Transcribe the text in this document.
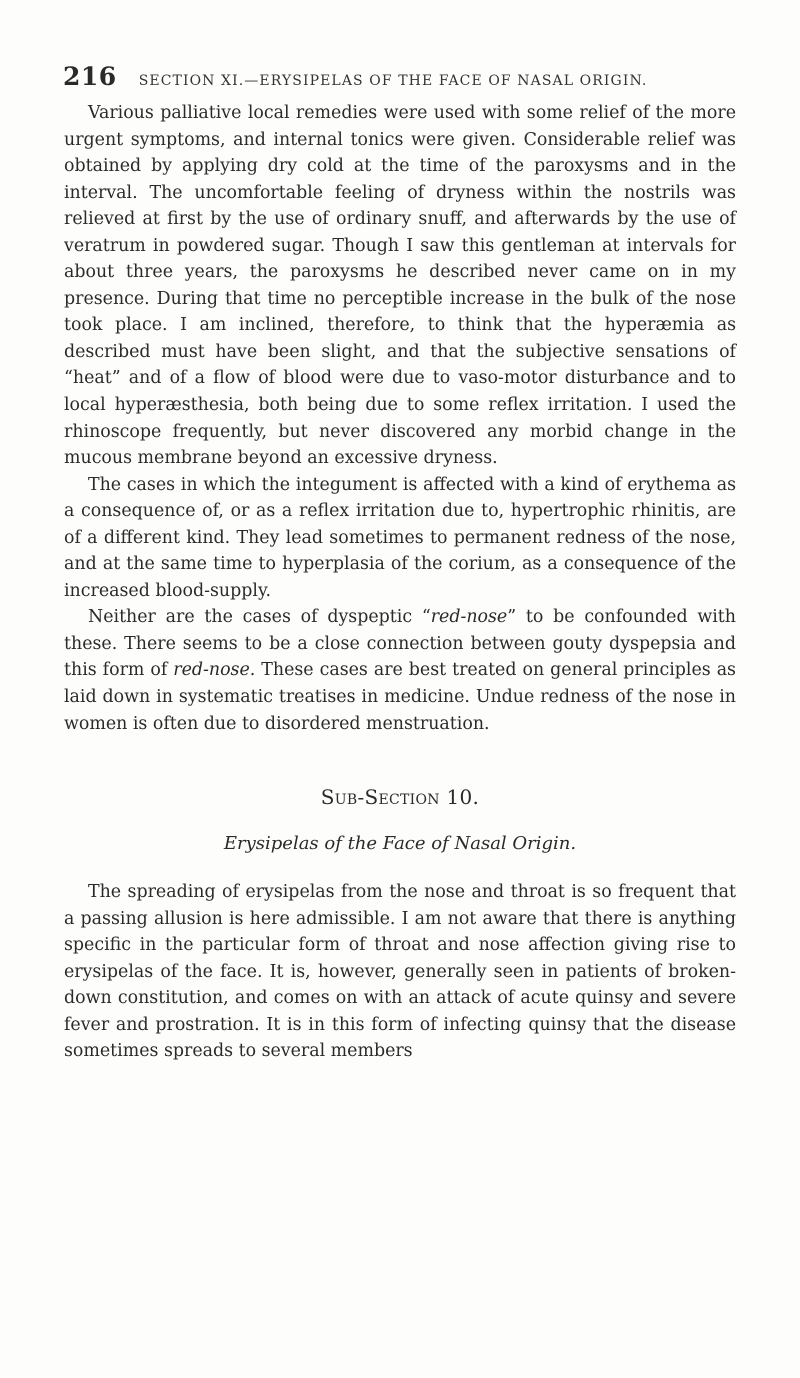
216 SECTION XI.—ERYSIPELAS OF THE FACE OF NASAL ORIGIN.

Various palliative local remedies were used with some relief of the more urgent symptoms, and internal tonics were given. Considerable relief was obtained by applying dry cold at the time of the paroxysms and in the interval. The uncomfortable feeling of dryness within the nostrils was relieved at first by the use of ordinary snuff, and afterwards by the use of veratrum in powdered sugar. Though I saw this gentleman at intervals for about three years, the paroxysms he described never came on in my presence. During that time no perceptible increase in the bulk of the nose took place. I am inclined, therefore, to think that the hyperæmia as described must have been slight, and that the subjective sensations of “heat” and of a flow of blood were due to vaso-motor disturbance and to local hyperæsthesia, both being due to some reflex irritation. I used the rhinoscope frequently, but never discovered any morbid change in the mucous membrane beyond an excessive dryness.

The cases in which the integument is affected with a kind of erythema as a consequence of, or as a reflex irritation due to, hypertrophic rhinitis, are of a different kind. They lead sometimes to permanent redness of the nose, and at the same time to hyperplasia of the corium, as a consequence of the increased blood-supply.

Neither are the cases of dyspeptic “red-nose” to be confounded with these. There seems to be a close connection between gouty dyspepsia and this form of red-nose. These cases are best treated on general principles as laid down in systematic treatises in medicine. Undue redness of the nose in women is often due to disordered menstruation.

Sub-Section 10.
Erysipelas of the Face of Nasal Origin.

The spreading of erysipelas from the nose and throat is so frequent that a passing allusion is here admissible. I am not aware that there is anything specific in the particular form of throat and nose affection giving rise to erysipelas of the face. It is, however, generally seen in patients of broken-down constitution, and comes on with an attack of acute quinsy and severe fever and prostration. It is in this form of infecting quinsy that the disease sometimes spreads to several members
